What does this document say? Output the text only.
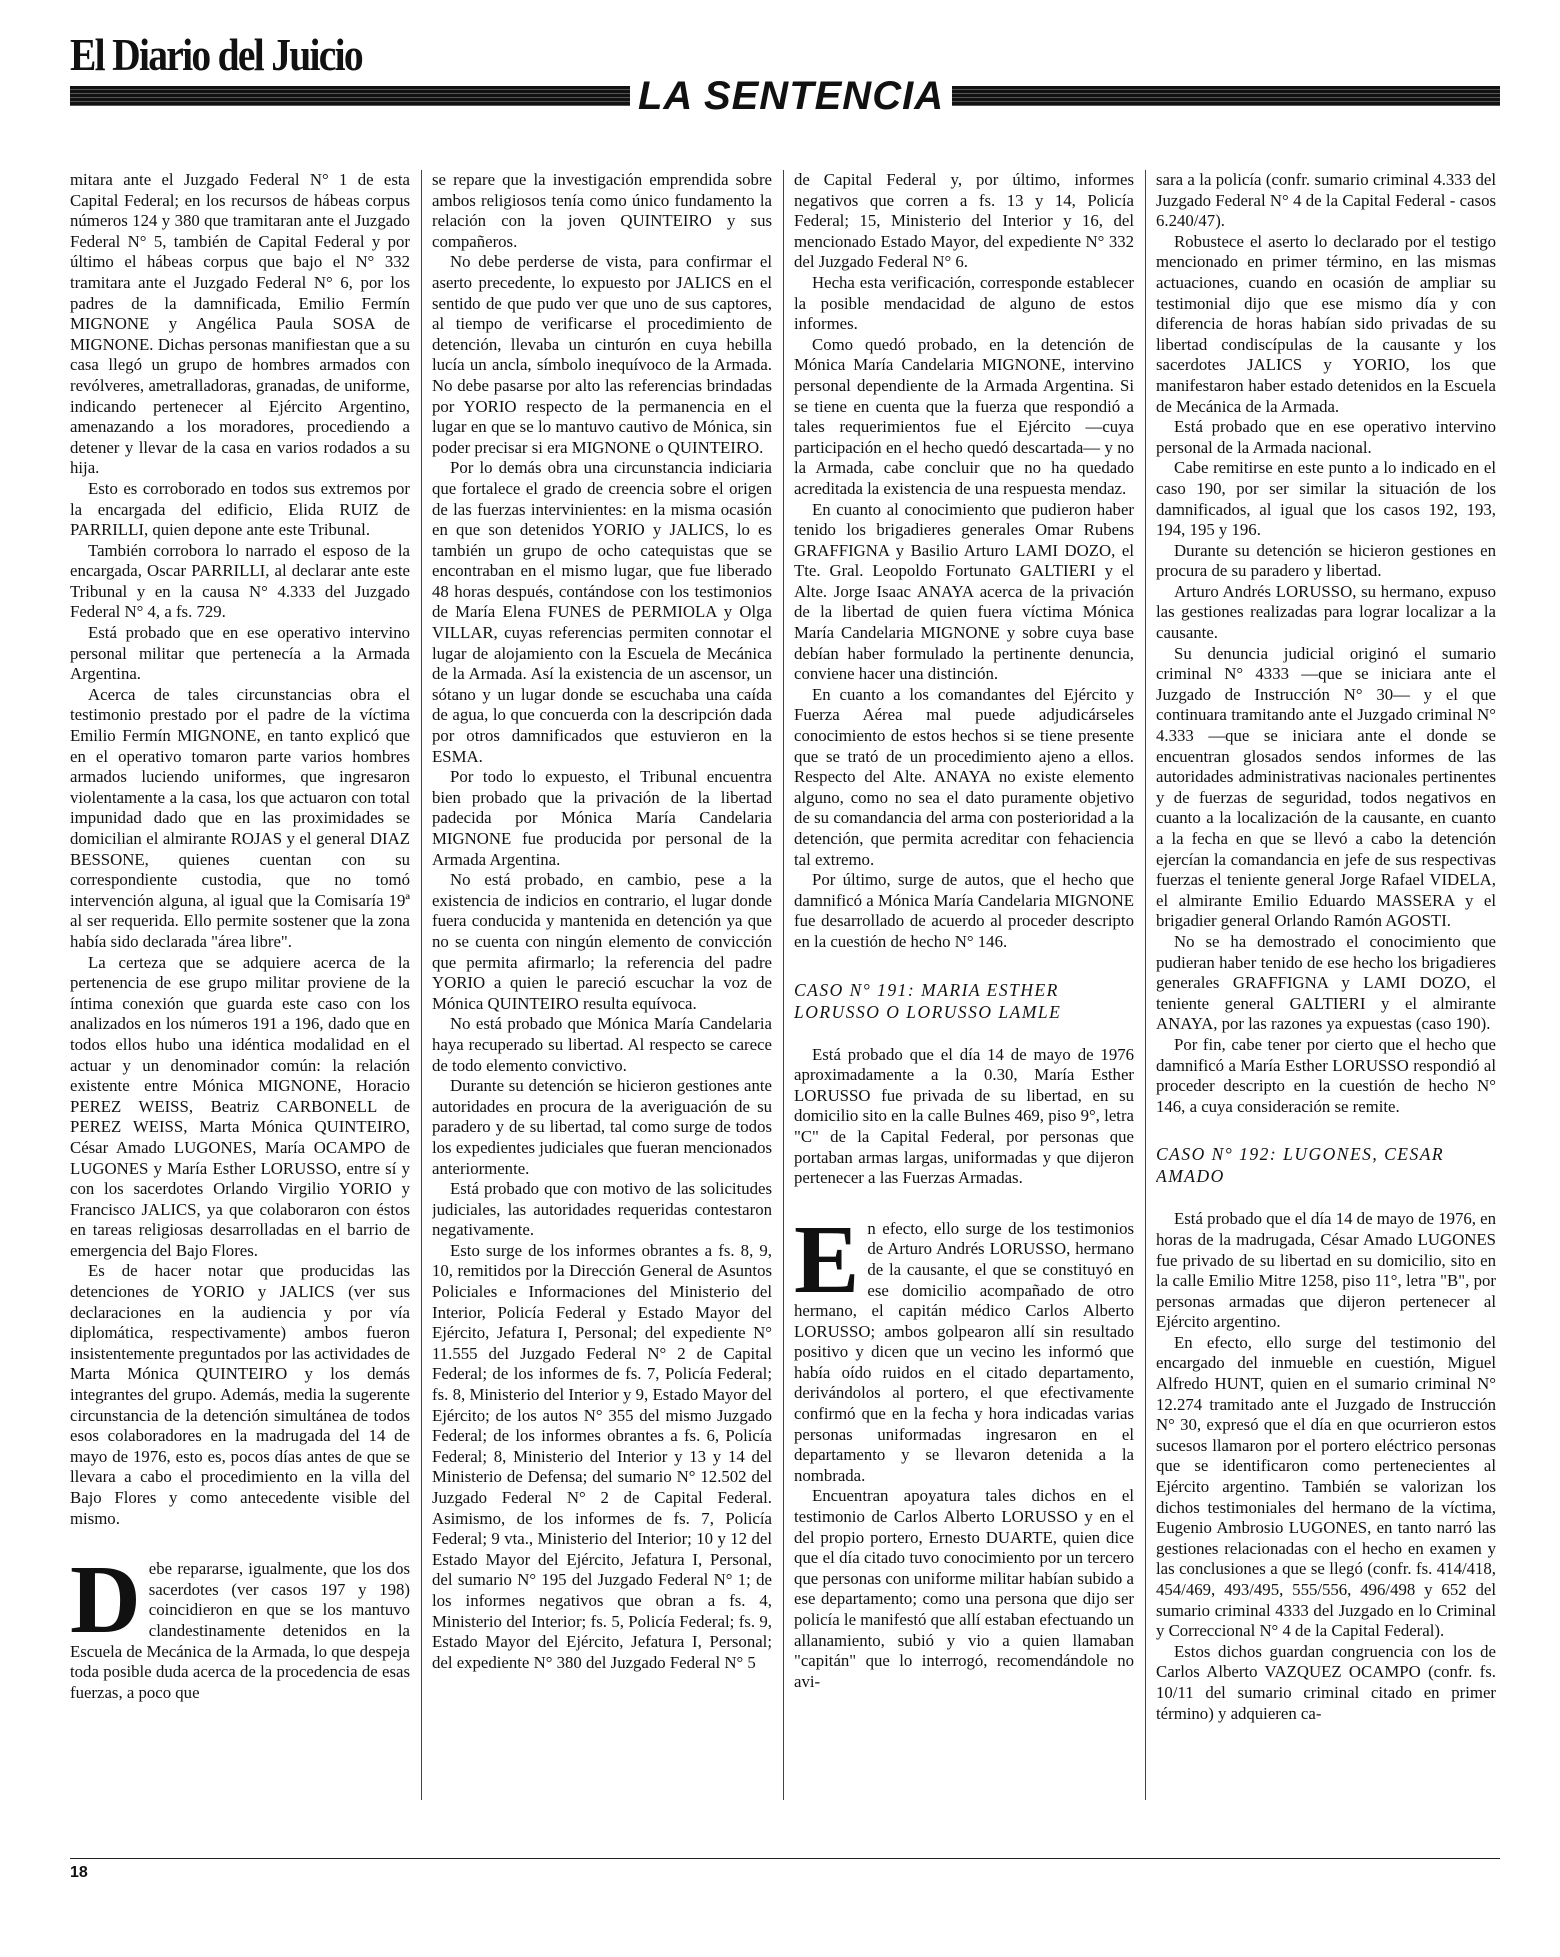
El Diario del Juicio
LA SENTENCIA

mitara ante el Juzgado Federal N° 1 de esta Capital Federal; en los recursos de hábeas corpus números 124 y 380 que tramitaran ante el Juzgado Federal N° 5, también de Capital Federal y por último el hábeas corpus que bajo el N° 332 tramitara ante el Juzgado Federal N° 6, por los padres de la damnificada, Emilio Fermín MIGNONE y Angélica Paula SOSA de MIGNONE. Dichas personas manifiestan que a su casa llegó un grupo de hombres armados con revólveres, ametralladoras, granadas, de uniforme, indicando pertenecer al Ejército Argentino, amenazando a los moradores, procediendo a detener y llevar de la casa en varios rodados a su hija.

Esto es corroborado en todos sus extremos por la encargada del edificio, Elida RUIZ de PARRILLI, quien depone ante este Tribunal.

También corrobora lo narrado el esposo de la encargada, Oscar PARRILLI, al declarar ante este Tribunal y en la causa N° 4.333 del Juzgado Federal N° 4, a fs. 729.

Está probado que en ese operativo intervino personal militar que pertenecía a la Armada Argentina.

Acerca de tales circunstancias obra el testimonio prestado por el padre de la víctima Emilio Fermín MIGNONE, en tanto explicó que en el operativo tomaron parte varios hombres armados luciendo uniformes, que ingresaron violentamente a la casa, los que actuaron con total impunidad dado que en las proximidades se domicilian el almirante ROJAS y el general DIAZ BESSONE, quienes cuentan con su correspondiente custodia, que no tomó intervención alguna, al igual que la Comisaría 19ª al ser requerida. Ello permite sostener que la zona había sido declarada "área libre".

La certeza que se adquiere acerca de la pertenencia de ese grupo militar proviene de la íntima conexión que guarda este caso con los analizados en los números 191 a 196, dado que en todos ellos hubo una idéntica modalidad en el actuar y un denominador común: la relación existente entre Mónica MIGNONE, Horacio PEREZ WEISS, Beatriz CARBONELL de PEREZ WEISS, Marta Mónica QUINTEIRO, César Amado LUGONES, María OCAMPO de LUGONES y María Esther LORUSSO, entre sí y con los sacerdotes Orlando Virgilio YORIO y Francisco JALICS, ya que colaboraron con éstos en tareas religiosas desarrolladas en el barrio de emergencia del Bajo Flores.

Es de hacer notar que producidas las detenciones de YORIO y JALICS (ver sus declaraciones en la audiencia y por vía diplomática, respectivamente) ambos fueron insistentemente preguntados por las actividades de Marta Mónica QUINTEIRO y los demás integrantes del grupo. Además, media la sugerente circunstancia de la detención simultánea de todos esos colaboradores en la madrugada del 14 de mayo de 1976, esto es, pocos días antes de que se llevara a cabo el procedimiento en la villa del Bajo Flores y como antecedente visible del mismo.

Debe repararse, igualmente, que los dos sacerdotes (ver casos 197 y 198) coincidieron en que se los mantuvo clandestinamente detenidos en la Escuela de Mecánica de la Armada, lo que despeja toda posible duda acerca de la procedencia de esas fuerzas, a poco que

se repare que la investigación emprendida sobre ambos religiosos tenía como único fundamento la relación con la joven QUINTEIRO y sus compañeros.

No debe perderse de vista, para confirmar el aserto precedente, lo expuesto por JALICS en el sentido de que pudo ver que uno de sus captores, al tiempo de verificarse el procedimiento de detención, llevaba un cinturón en cuya hebilla lucía un ancla, símbolo inequívoco de la Armada. No debe pasarse por alto las referencias brindadas por YORIO respecto de la permanencia en el lugar en que se lo mantuvo cautivo de Mónica, sin poder precisar si era MIGNONE o QUINTEIRO.

Por lo demás obra una circunstancia indiciaria que fortalece el grado de creencia sobre el origen de las fuerzas intervinientes: en la misma ocasión en que son detenidos YORIO y JALICS, lo es también un grupo de ocho catequistas que se encontraban en el mismo lugar, que fue liberado 48 horas después, contándose con los testimonios de María Elena FUNES de PERMIOLA y Olga VILLAR, cuyas referencias permiten connotar el lugar de alojamiento con la Escuela de Mecánica de la Armada. Así la existencia de un ascensor, un sótano y un lugar donde se escuchaba una caída de agua, lo que concuerda con la descripción dada por otros damnificados que estuvieron en la ESMA.

Por todo lo expuesto, el Tribunal encuentra bien probado que la privación de la libertad padecida por Mónica María Candelaria MIGNONE fue producida por personal de la Armada Argentina.

No está probado, en cambio, pese a la existencia de indicios en contrario, el lugar donde fuera conducida y mantenida en detención ya que no se cuenta con ningún elemento de convicción que permita afirmarlo; la referencia del padre YORIO a quien le pareció escuchar la voz de Mónica QUINTEIRO resulta equívoca.

No está probado que Mónica María Candelaria haya recuperado su libertad. Al respecto se carece de todo elemento convictivo.

Durante su detención se hicieron gestiones ante autoridades en procura de la averiguación de su paradero y de su libertad, tal como surge de todos los expedientes judiciales que fueran mencionados anteriormente.

Está probado que con motivo de las solicitudes judiciales, las autoridades requeridas contestaron negativamente.

Esto surge de los informes obrantes a fs. 8, 9, 10, remitidos por la Dirección General de Asuntos Policiales e Informaciones del Ministerio del Interior, Policía Federal y Estado Mayor del Ejército, Jefatura I, Personal; del expediente N° 11.555 del Juzgado Federal N° 2 de Capital Federal; de los informes de fs. 7, Policía Federal; fs. 8, Ministerio del Interior y 9, Estado Mayor del Ejército; de los autos N° 355 del mismo Juzgado Federal; de los informes obrantes a fs. 6, Policía Federal; 8, Ministerio del Interior y 13 y 14 del Ministerio de Defensa; del sumario N° 12.502 del Juzgado Federal N° 2 de Capital Federal. Asimismo, de los informes de fs. 7, Policía Federal; 9 vta., Ministerio del Interior; 10 y 12 del Estado Mayor del Ejército, Jefatura I, Personal, del sumario N° 195 del Juzgado Federal N° 1; de los informes negativos que obran a fs. 4, Ministerio del Interior; fs. 5, Policía Federal; fs. 9, Estado Mayor del Ejército, Jefatura I, Personal; del expediente N° 380 del Juzgado Federal N° 5

de Capital Federal y, por último, informes negativos que corren a fs. 13 y 14, Policía Federal; 15, Ministerio del Interior y 16, del mencionado Estado Mayor, del expediente N° 332 del Juzgado Federal N° 6.

Hecha esta verificación, corresponde establecer la posible mendacidad de alguno de estos informes.

Como quedó probado, en la detención de Mónica María Candelaria MIGNONE, intervino personal dependiente de la Armada Argentina. Si se tiene en cuenta que la fuerza que respondió a tales requerimientos fue el Ejército —cuya participación en el hecho quedó descartada— y no la Armada, cabe concluir que no ha quedado acreditada la existencia de una respuesta mendaz.

En cuanto al conocimiento que pudieron haber tenido los brigadieres generales Omar Rubens GRAFFIGNA y Basilio Arturo LAMI DOZO, el Tte. Gral. Leopoldo Fortunato GALTIERI y el Alte. Jorge Isaac ANAYA acerca de la privación de la libertad de quien fuera víctima Mónica María Candelaria MIGNONE y sobre cuya base debían haber formulado la pertinente denuncia, conviene hacer una distinción.

En cuanto a los comandantes del Ejército y Fuerza Aérea mal puede adjudicárseles conocimiento de estos hechos si se tiene presente que se trató de un procedimiento ajeno a ellos. Respecto del Alte. ANAYA no existe elemento alguno, como no sea el dato puramente objetivo de su comandancia del arma con posterioridad a la detención, que permita acreditar con fehaciencia tal extremo.

Por último, surge de autos, que el hecho que damnificó a Mónica María Candelaria MIGNONE fue desarrollado de acuerdo al proceder descripto en la cuestión de hecho N° 146.

CASO N° 191: MARIA ESTHER LORUSSO O LORUSSO LAMLE

Está probado que el día 14 de mayo de 1976 aproximadamente a la 0.30, María Esther LORUSSO fue privada de su libertad, en su domicilio sito en la calle Bulnes 469, piso 9°, letra "C" de la Capital Federal, por personas que portaban armas largas, uniformadas y que dijeron pertenecer a las Fuerzas Armadas.

En efecto, ello surge de los testimonios de Arturo Andrés LORUSSO, hermano de la causante, el que se constituyó en ese domicilio acompañado de otro hermano, el capitán médico Carlos Alberto LORUSSO; ambos golpearon allí sin resultado positivo y dicen que un vecino les informó que había oído ruidos en el citado departamento, derivándolos al portero, el que efectivamente confirmó que en la fecha y hora indicadas varias personas uniformadas ingresaron en el departamento y se llevaron detenida a la nombrada.

Encuentran apoyatura tales dichos en el testimonio de Carlos Alberto LORUSSO y en el del propio portero, Ernesto DUARTE, quien dice que el día citado tuvo conocimiento por un tercero que personas con uniforme militar habían subido a ese departamento; como una persona que dijo ser policía le manifestó que allí estaban efectuando un allanamiento, subió y vio a quien llamaban "capitán" que lo interrogó, recomendándole no avi-

sara a la policía (confr. sumario criminal 4.333 del Juzgado Federal N° 4 de la Capital Federal - casos 6.240/47).

Robustece el aserto lo declarado por el testigo mencionado en primer término, en las mismas actuaciones, cuando en ocasión de ampliar su testimonial dijo que ese mismo día y con diferencia de horas habían sido privadas de su libertad condiscípulas de la causante y los sacerdotes JALICS y YORIO, los que manifestaron haber estado detenidos en la Escuela de Mecánica de la Armada.

Está probado que en ese operativo intervino personal de la Armada nacional.

Cabe remitirse en este punto a lo indicado en el caso 190, por ser similar la situación de los damnificados, al igual que los casos 192, 193, 194, 195 y 196.

Durante su detención se hicieron gestiones en procura de su paradero y libertad.

Arturo Andrés LORUSSO, su hermano, expuso las gestiones realizadas para lograr localizar a la causante.

Su denuncia judicial originó el sumario criminal N° 4333 —que se iniciara ante el Juzgado de Instrucción N° 30— y el que continuara tramitando ante el Juzgado criminal N° 4.333 —que se iniciara ante el donde se encuentran glosados sendos informes de las autoridades administrativas nacionales pertinentes y de fuerzas de seguridad, todos negativos en cuanto a la localización de la causante, en cuanto a la fecha en que se llevó a cabo la detención ejercían la comandancia en jefe de sus respectivas fuerzas el teniente general Jorge Rafael VIDELA, el almirante Emilio Eduardo MASSERA y el brigadier general Orlando Ramón AGOSTI.

No se ha demostrado el conocimiento que pudieran haber tenido de ese hecho los brigadieres generales GRAFFIGNA y LAMI DOZO, el teniente general GALTIERI y el almirante ANAYA, por las razones ya expuestas (caso 190).

Por fin, cabe tener por cierto que el hecho que damnificó a María Esther LORUSSO respondió al proceder descripto en la cuestión de hecho N° 146, a cuya consideración se remite.

CASO N° 192: LUGONES, CESAR AMADO

Está probado que el día 14 de mayo de 1976, en horas de la madrugada, César Amado LUGONES fue privado de su libertad en su domicilio, sito en la calle Emilio Mitre 1258, piso 11°, letra "B", por personas armadas que dijeron pertenecer al Ejército argentino.

En efecto, ello surge del testimonio del encargado del inmueble en cuestión, Miguel Alfredo HUNT, quien en el sumario criminal N° 12.274 tramitado ante el Juzgado de Instrucción N° 30, expresó que el día en que ocurrieron estos sucesos llamaron por el portero eléctrico personas que se identificaron como pertenecientes al Ejército argentino. También se valorizan los dichos testimoniales del hermano de la víctima, Eugenio Ambrosio LUGONES, en tanto narró las gestiones relacionadas con el hecho en examen y las conclusiones a que se llegó (confr. fs. 414/418, 454/469, 493/495, 555/556, 496/498 y 652 del sumario criminal 4333 del Juzgado en lo Criminal y Correccional N° 4 de la Capital Federal).

Estos dichos guardan congruencia con los de Carlos Alberto VAZQUEZ OCAMPO (confr. fs. 10/11 del sumario criminal citado en primer término) y adquieren ca-

18
